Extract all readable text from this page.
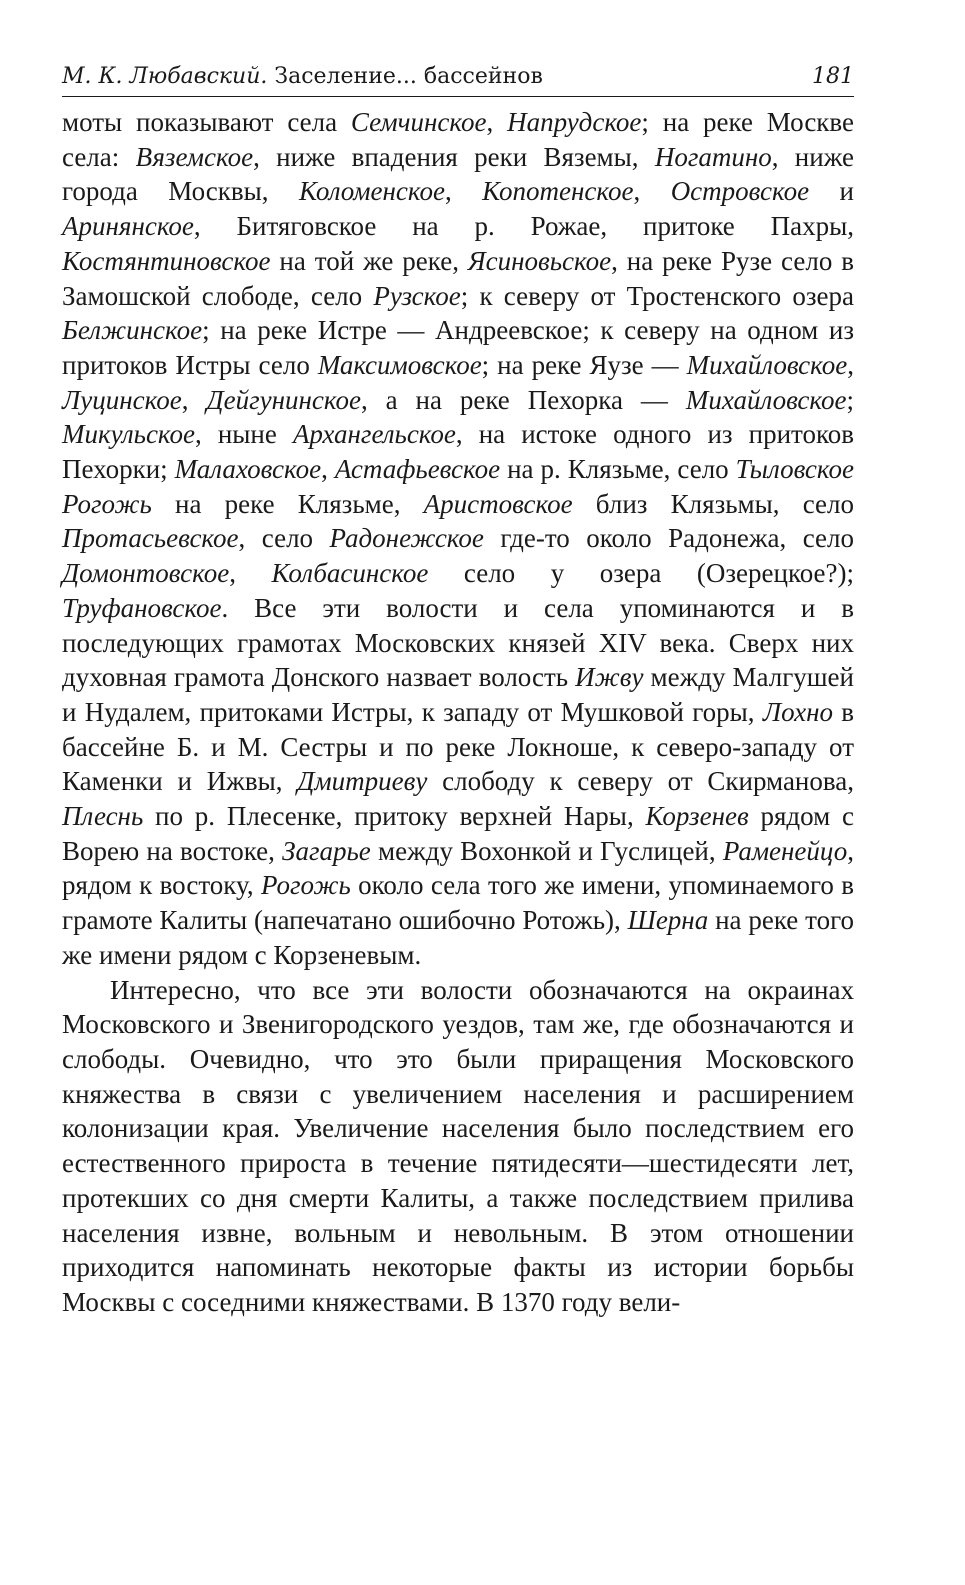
М. К. Любавский. Заселение... бассейнов	181

моты показывают села Семчинское, Напрудское; на реке Москве села: Вяземское, ниже впадения реки Вяземы, Ногатино, ниже города Москвы, Коломенское, Копотенское, Островское и Аринянское, Битяговское на р. Рожае, притоке Пахры, Костянтиновское на той же реке, Ясиновьское, на реке Рузе село в Замошской слободе, село Рузское; к северу от Тростенского озера Белжинское; на реке Истре — Андреевское; к северу на одном из притоков Истры село Максимовское; на реке Яузе — Михайловское, Луцинское, Дейгунинское, а на реке Пехорка — Михайловское; Микульское, ныне Архангельское, на истоке одного из притоков Пехорки; Малаховское, Астафьевское на р. Клязьме, село Тыловское Рогожь на реке Клязьме, Аристовское близ Клязьмы, село Протасьевское, село Радонежское где-то около Радонежа, село Домонтовское, Колбасинское село у озера (Озерецкое?); Труфановское. Все эти волости и села упоминаются и в последующих грамотах Московских князей XIV века. Сверх них духовная грамота Донского назвает волость Ижву между Малгушей и Нудалем, притоками Истры, к западу от Мушковой горы, Лохно в бассейне Б. и М. Сестры и по реке Локноше, к северо-западу от Каменки и Ижвы, Дмитриеву слободу к северу от Скирманова, Плеснь по р. Плесенке, притоку верхней Нары, Корзенев рядом с Ворею на востоке, Загарье между Вохонкой и Гуслицей, Раменейцо, рядом к востоку, Рогожь около села того же имени, упоминаемого в грамоте Калиты (напечатано ошибочно Ротожь), Шерна на реке того же имени рядом с Корзеневым.

Интересно, что все эти волости обозначаются на окраинах Московского и Звенигородского уездов, там же, где обозначаются и слободы. Очевидно, что это были приращения Московского княжества в связи с увеличением населения и расширением колонизации края. Увеличение населения было последствием его естественного прироста в течение пятидесяти—шестидесяти лет, протекших со дня смерти Калиты, а также последствием прилива населения извне, вольным и невольным. В этом отношении приходится напоминать некоторые факты из истории борьбы Москвы с соседними княжествами. В 1370 году вели-
